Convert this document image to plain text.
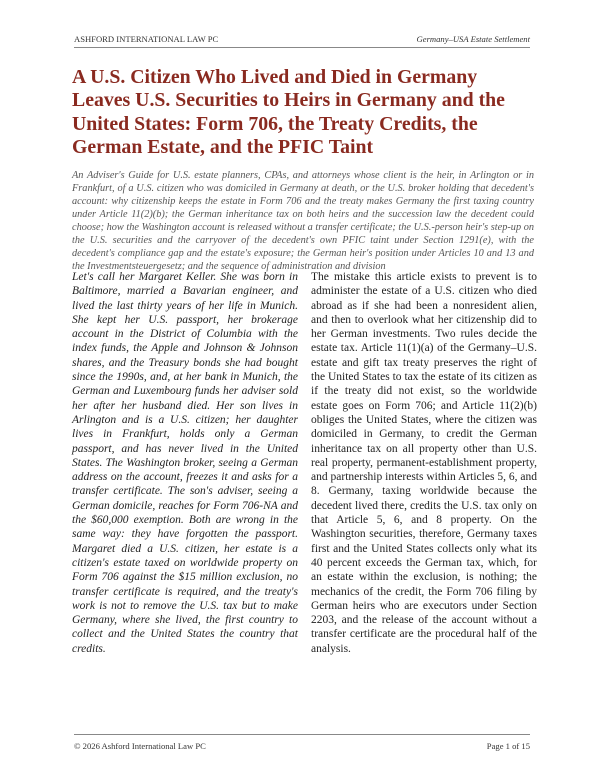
ASHFORD INTERNATIONAL LAW PC	Germany–USA Estate Settlement
A U.S. Citizen Who Lived and Died in Germany Leaves U.S. Securities to Heirs in Germany and the United States: Form 706, the Treaty Credits, the German Estate, and the PFIC Taint

An Adviser's Guide for U.S. estate planners, CPAs, and attorneys whose client is the heir, in Arlington or in Frankfurt, of a U.S. citizen who was domiciled in Germany at death, or the U.S. broker holding that decedent's account: why citizenship keeps the estate in Form 706 and the treaty makes Germany the first taxing country under Article 11(2)(b); the German inheritance tax on both heirs and the succession law the decedent could choose; how the Washington account is released without a transfer certificate; the U.S.-person heir's step-up on the U.S. securities and the carryover of the decedent's own PFIC taint under Section 1291(e), with the decedent's compliance gap and the estate's exposure; the German heir's position under Articles 10 and 13 and the Investmentsteuergesetz; and the sequence of administration and division

Let's call her Margaret Keller. She was born in Baltimore, married a Bavarian engineer, and lived the last thirty years of her life in Munich. She kept her U.S. passport, her brokerage account in the District of Columbia with the index funds, the Apple and Johnson & Johnson shares, and the Treasury bonds she had bought since the 1990s, and, at her bank in Munich, the German and Luxembourg funds her adviser sold her after her husband died. Her son lives in Arlington and is a U.S. citizen; her daughter lives in Frankfurt, holds only a German passport, and has never lived in the United States. The Washington broker, seeing a German address on the account, freezes it and asks for a transfer certificate. The son's adviser, seeing a German domicile, reaches for Form 706-NA and the $60,000 exemption. Both are wrong in the same way: they have forgotten the passport. Margaret died a U.S. citizen, her estate is a citizen's estate taxed on worldwide property on Form 706 against the $15 million exclusion, no transfer certificate is required, and the treaty's work is not to remove the U.S. tax but to make Germany, where she lived, the first country to collect and the United States the country that credits.

The mistake this article exists to prevent is to administer the estate of a U.S. citizen who died abroad as if she had been a nonresident alien, and then to overlook what her citizenship did to her German investments. Two rules decide the estate tax. Article 11(1)(a) of the Germany–U.S. estate and gift tax treaty preserves the right of the United States to tax the estate of its citizen as if the treaty did not exist, so the worldwide estate goes on Form 706; and Article 11(2)(b) obliges the United States, where the citizen was domiciled in Germany, to credit the German inheritance tax on all property other than U.S. real property, permanent-establishment property, and partnership interests within Articles 5, 6, and 8. Germany, taxing worldwide because the decedent lived there, credits the U.S. tax only on that Article 5, 6, and 8 property. On the Washington securities, therefore, Germany taxes first and the United States collects only what its 40 percent exceeds the German tax, which, for an estate within the exclusion, is nothing; the mechanics of the credit, the Form 706 filing by German heirs who are executors under Section 2203, and the release of the account without a transfer certificate are the procedural half of the analysis.

© 2026 Ashford International Law PC	Page 1 of 15
